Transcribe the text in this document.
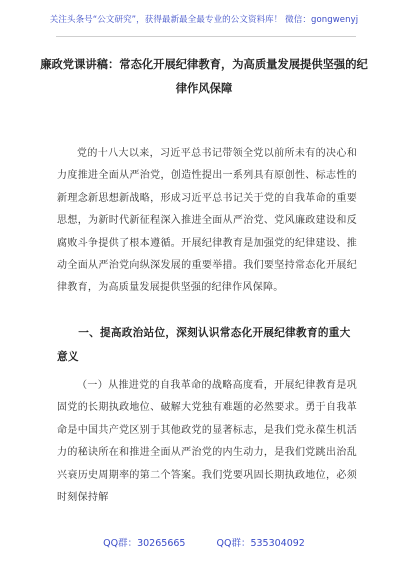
关注头条号“公文研究”，获得最新最全最专业的公文资料库！ 微信：gongwenyj
廉政党课讲稿：常态化开展纪律教育，为高质量发展提供坚强的纪律作风保障
党的十八大以来，习近平总书记带领全党以前所未有的决心和力度推进全面从严治党，创造性提出一系列具有原创性、标志性的新理念新思想新战略，形成习近平总书记关于党的自我革命的重要思想，为新时代新征程深入推进全面从严治党、党风廉政建设和反腐败斗争提供了根本遵循。开展纪律教育是加强党的纪律建设、推动全面从严治党向纵深发展的重要举措。我们要坚持常态化开展纪律教育，为高质量发展提供坚强的纪律作风保障。
一、提高政治站位，深刻认识常态化开展纪律教育的重大意义
（一）从推进党的自我革命的战略高度看，开展纪律教育是巩固党的长期执政地位、破解大党独有难题的必然要求。勇于自我革命是中国共产党区别于其他政党的显著标志，是我们党永葆生机活力的秘诀所在和推进全面从严治党的内生动力，是我们党跳出治乱兴衰历史周期率的第二个答案。我们党要巩固长期执政地位，必须时刻保持解
QQ群：30265665	QQ群：535304092
